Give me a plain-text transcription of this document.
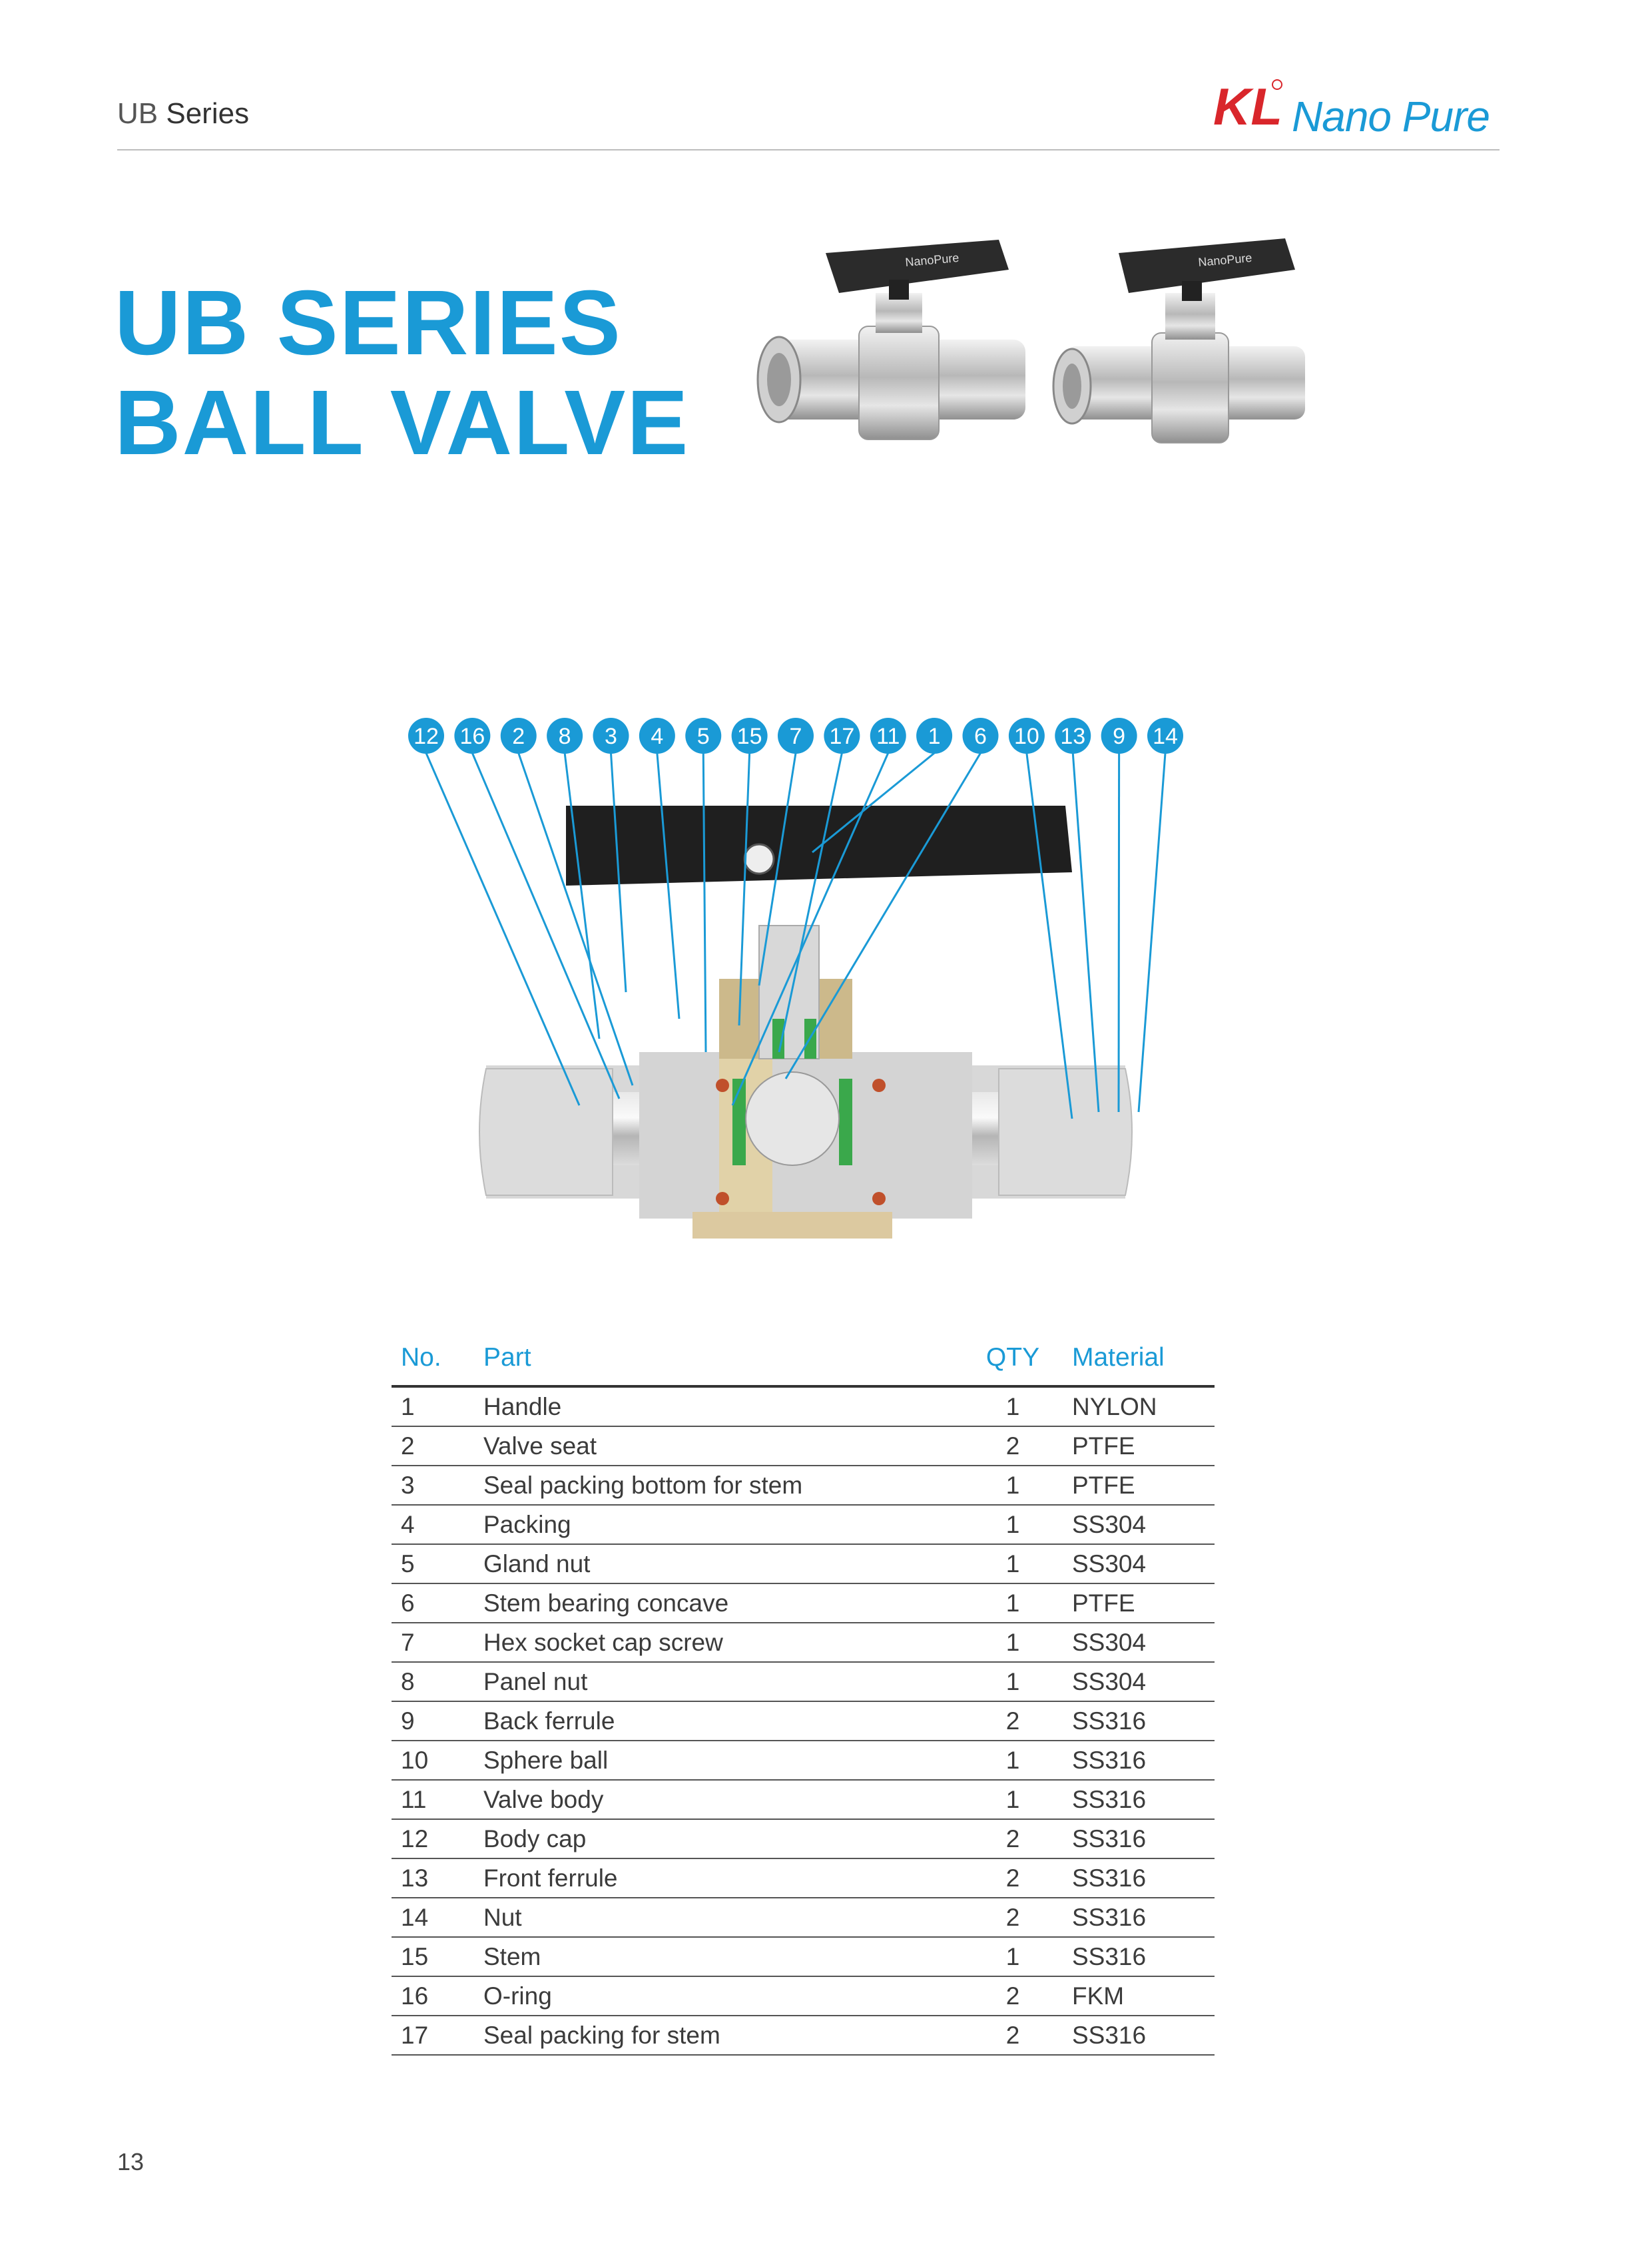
UB Series	KL Nano Pure
UB SERIES
BALL VALVE
NanoPure	NanoPure
12 16 2 8 3 4 5 15 7 17 11 1 6 10 13 9 14
No.	Part	QTY	Material
1	Handle	1	NYLON
2	Valve seat	2	PTFE
3	Seal packing bottom for stem	1	PTFE
4	Packing	1	SS304
5	Gland nut	1	SS304
6	Stem bearing concave	1	PTFE
7	Hex socket cap screw	1	SS304
8	Panel nut	1	SS304
9	Back ferrule	2	SS316
10	Sphere ball	1	SS316
11	Valve body	1	SS316
12	Body cap	2	SS316
13	Front ferrule	2	SS316
14	Nut	2	SS316
15	Stem	1	SS316
16	O-ring	2	FKM
17	Seal packing for stem	2	SS316
13
